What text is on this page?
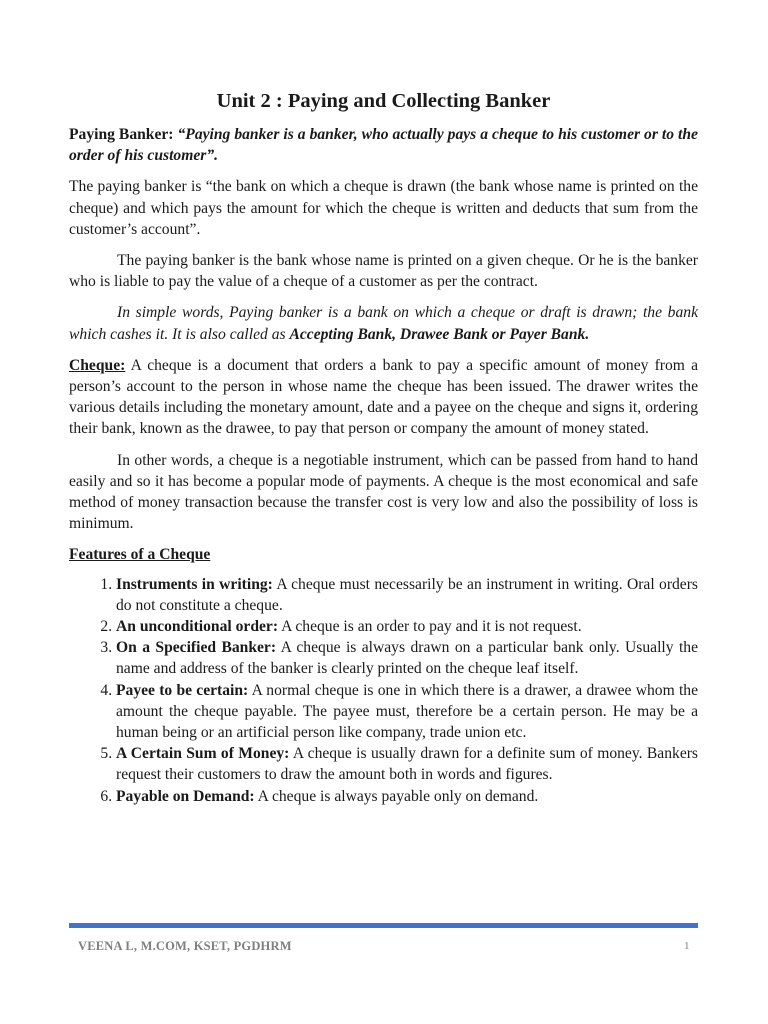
Unit 2 : Paying and Collecting Banker

Paying Banker: “Paying banker is a banker, who actually pays a cheque to his customer or to the order of his customer”.

The paying banker is “the bank on which a cheque is drawn (the bank whose name is printed on the cheque) and which pays the amount for which the cheque is written and deducts that sum from the customer’s account”.

The paying banker is the bank whose name is printed on a given cheque. Or he is the banker who is liable to pay the value of a cheque of a customer as per the contract.

In simple words, Paying banker is a bank on which a cheque or draft is drawn; the bank which cashes it. It is also called as Accepting Bank, Drawee Bank or Payer Bank.

Cheque: A cheque is a document that orders a bank to pay a specific amount of money from a person’s account to the person in whose name the cheque has been issued. The drawer writes the various details including the monetary amount, date and a payee on the cheque and signs it, ordering their bank, known as the drawee, to pay that person or company the amount of money stated.

In other words, a cheque is a negotiable instrument, which can be passed from hand to hand easily and so it has become a popular mode of payments. A cheque is the most economical and safe method of money transaction because the transfer cost is very low and also the possibility of loss is minimum.

Features of a Cheque
1. Instruments in writing: A cheque must necessarily be an instrument in writing. Oral orders do not constitute a cheque.
2. An unconditional order: A cheque is an order to pay and it is not request.
3. On a Specified Banker: A cheque is always drawn on a particular bank only. Usually the name and address of the banker is clearly printed on the cheque leaf itself.
4. Payee to be certain: A normal cheque is one in which there is a drawer, a drawee whom the amount the cheque payable. The payee must, therefore be a certain person. He may be a human being or an artificial person like company, trade union etc.
5. A Certain Sum of Money: A cheque is usually drawn for a definite sum of money. Bankers request their customers to draw the amount both in words and figures.
6. Payable on Demand: A cheque is always payable only on demand.
VEENA L, M.COM, KSET, PGDHRM	1
